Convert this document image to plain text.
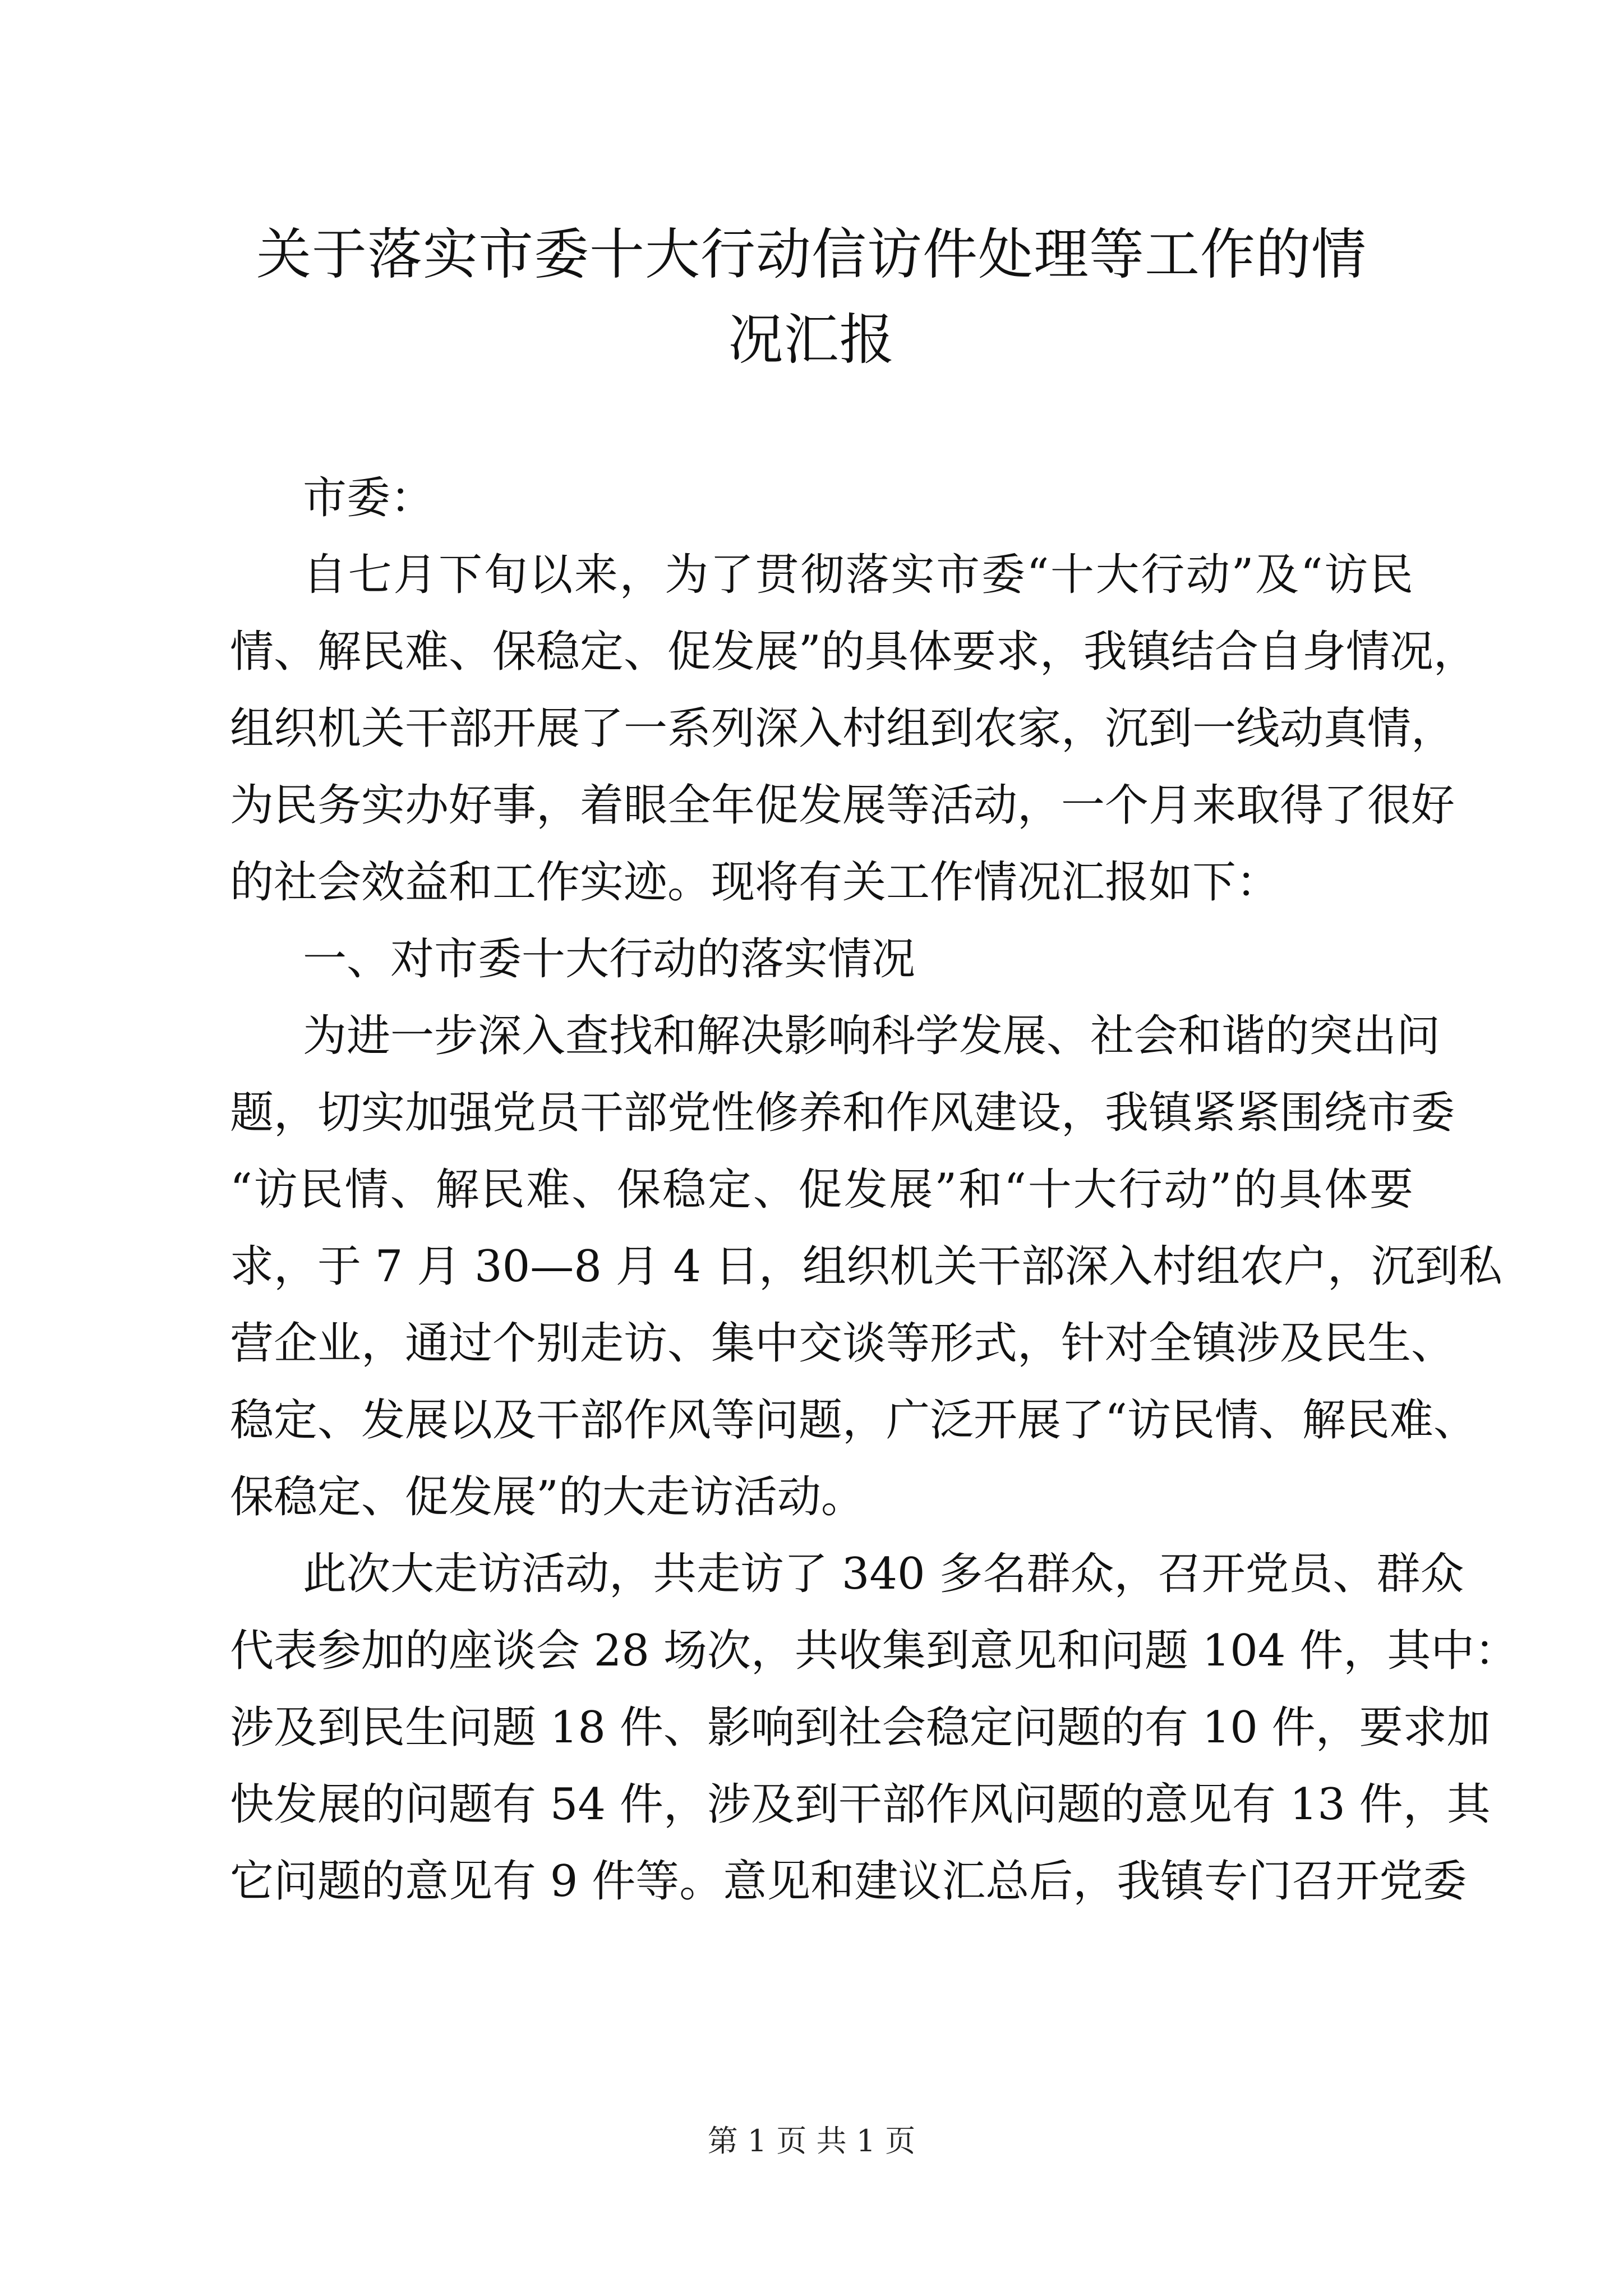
关于落实市委十大行动信访件处理等工作的情
况汇报
市委：
自七月下旬以来，为了贯彻落实市委“十大行动”及“访民
情、解民难、保稳定、促发展”的具体要求，我镇结合自身情况，
组织机关干部开展了一系列深入村组到农家，沉到一线动真情，
为民务实办好事，着眼全年促发展等活动，一个月来取得了很好
的社会效益和工作实迹。现将有关工作情况汇报如下：
一、对市委十大行动的落实情况
为进一步深入查找和解决影响科学发展、社会和谐的突出问
题，切实加强党员干部党性修养和作风建设，我镇紧紧围绕市委
“访民情、解民难、保稳定、促发展”和“十大行动”的具体要
求，于 7 月 30—8 月 4 日，组织机关干部深入村组农户，沉到私
营企业，通过个别走访、集中交谈等形式，针对全镇涉及民生、
稳定、发展以及干部作风等问题，广泛开展了“访民情、解民难、
保稳定、促发展”的大走访活动。
此次大走访活动，共走访了 340 多名群众，召开党员、群众
代表参加的座谈会 28 场次，共收集到意见和问题 104 件，其中：
涉及到民生问题 18 件、影响到社会稳定问题的有 10 件，要求加
快发展的问题有 54 件，涉及到干部作风问题的意见有 13 件，其
它问题的意见有 9 件等。意见和建议汇总后，我镇专门召开党委
第 1 页 共 1 页
